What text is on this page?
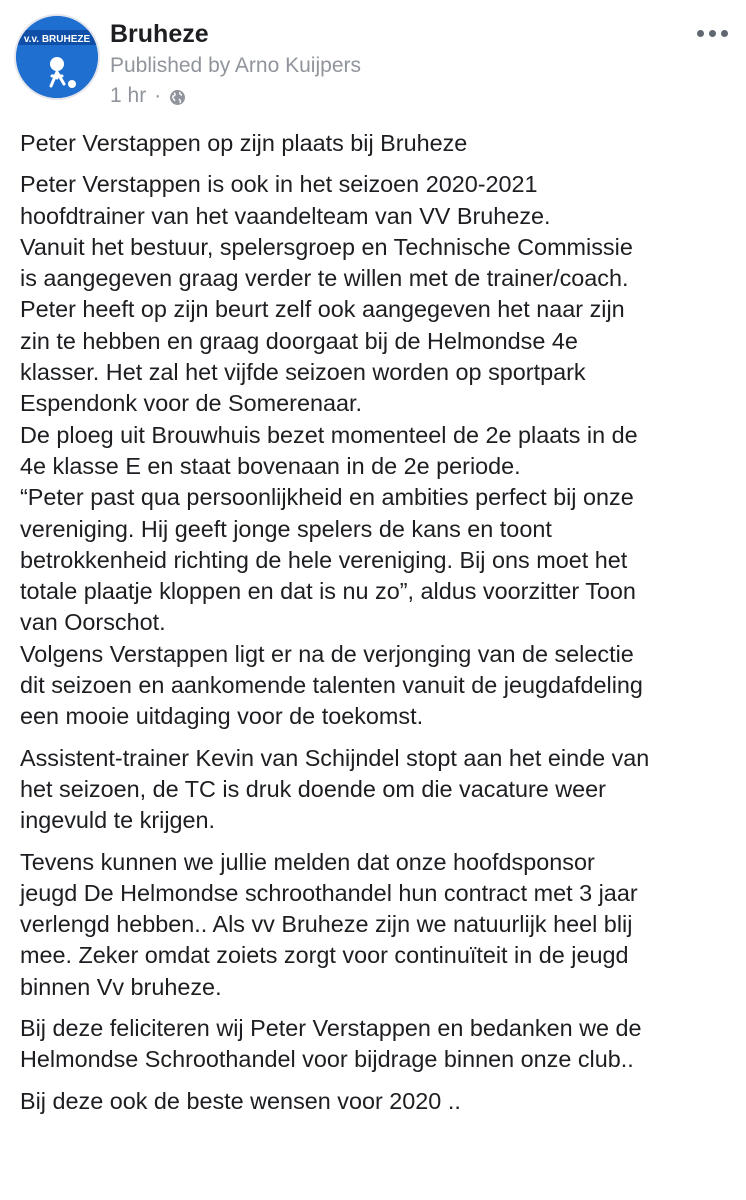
v.v. BRUHEZE Bruheze
Published by Arno Kuijpers
1 hr ·

Peter Verstappen op zijn plaats bij Bruheze

Peter Verstappen is ook in het seizoen 2020-2021
hoofdtrainer van het vaandelteam van VV Bruheze.
Vanuit het bestuur, spelersgroep en Technische Commissie
is aangegeven graag verder te willen met de trainer/coach.
Peter heeft op zijn beurt zelf ook aangegeven het naar zijn
zin te hebben en graag doorgaat bij de Helmondse 4e
klasser. Het zal het vijfde seizoen worden op sportpark
Espendonk voor de Somerenaar.
De ploeg uit Brouwhuis bezet momenteel de 2e plaats in de
4e klasse E en staat bovenaan in de 2e periode.
“Peter past qua persoonlijkheid en ambities perfect bij onze
vereniging. Hij geeft jonge spelers de kans en toont
betrokkenheid richting de hele vereniging. Bij ons moet het
totale plaatje kloppen en dat is nu zo”, aldus voorzitter Toon
van Oorschot.
Volgens Verstappen ligt er na de verjonging van de selectie
dit seizoen en aankomende talenten vanuit de jeugdafdeling
een mooie uitdaging voor de toekomst.

Assistent-trainer Kevin van Schijndel stopt aan het einde van
het seizoen, de TC is druk doende om die vacature weer
ingevuld te krijgen.

Tevens kunnen we jullie melden dat onze hoofdsponsor
jeugd De Helmondse schroothandel hun contract met 3 jaar
verlengd hebben.. Als vv Bruheze zijn we natuurlijk heel blij
mee. Zeker omdat zoiets zorgt voor continuïteit in de jeugd
binnen Vv bruheze.

Bij deze feliciteren wij Peter Verstappen en bedanken we de
Helmondse Schroothandel voor bijdrage binnen onze club..

Bij deze ook de beste wensen voor 2020 ..
